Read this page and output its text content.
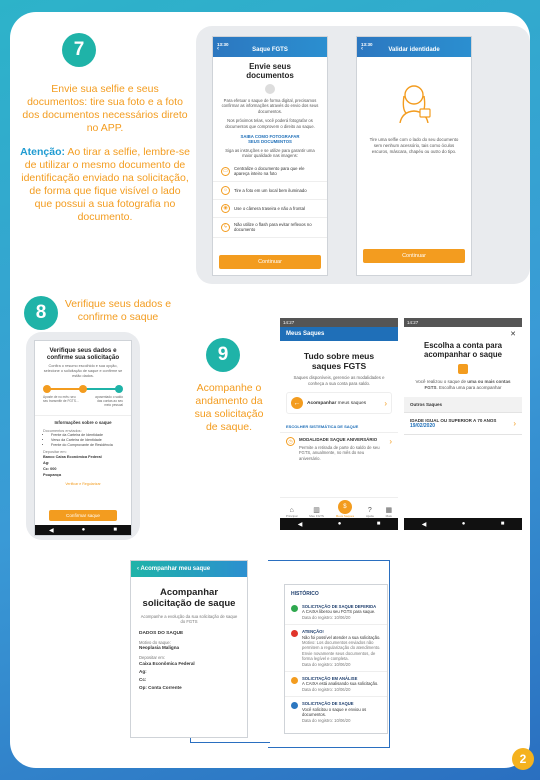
7

Envie sua selfie e seus documentos: tire sua foto e a foto dos documentos necessários direto no APP.

Atenção: Ao tirar a selfie, lembre-se de utilizar o mesmo documento de identificação enviado na solicitação, de forma que fique visível o lado que possui a sua fotografia no documento.

13:30
‹	Saque FGTS
Envie seus documentos
Para efetuar o saque de forma digital, precisamos confirmar as informações através do envio dos seus documentos.
Nos próximos telas, você poderá fotografar os documentos que comprovem o direito ao saque.
SAIBA COMO FOTOGRAFAR SEUS DOCUMENTOS
Siga as instruções e se utilize para garantir uma maior qualidade nas imagens:
▭	Centralize o documento para que ele apareça inteiro na foto
☼	Tire a foto em um local bem iluminado
◉	Use o câmera traseira e não a frontal
ϟ	Não utilize o flash para evitar reflexos no documento
Continuar
13:30
‹	Validar identidade
Tire uma selfie com o lado do seu documento sem nenhum acessório, tais como óculos escuros, máscara, chapéu ou outro do tipo.
Continuar
8	Verifique seus dados e confirme o saque
Verifique seus dados e confirme sua solicitação
Confira o resumo escolhido e sua opção, selecione o solicitação de saque e confirme se estão dados.
Aposte de no mês: seu seu transmitir de FGTS...
aposentado o saldo das contas ao seu meio pessoal
Informações sobre o saque
Documentos enviados:
• Frente da Carteira de Identidade
• Verso da Carteira de Identidade
• Frente do Comprovante de Residência
Depositar em:
Banco Caixa Econômica Federal
Ag:
Cc: 000
Poupança
Verificar e Regularizar
Confirmar saque
◀	●	■
9
Acompanhe o andamento da sua solicitação de saque.
14:27
Meus Saques
Tudo sobre meus saques FGTS
Saques disponíveis, gerencie as modalidades e conheça a sua conta para saldo.
←	Acompanhar meus saques	›
ESCOLHER SISTEMÁTICA DE SAQUE
◷	MODALIDADE SAQUE ANIVERSÁRIO
Permite a retirada de parte do saldo de seu FGTS, anualmente, no mês do seu aniversário.
›
⌂
Principal
▥
Meu FGTS
$
Meus Saques
?
Ajuda
▦
Mais
◀	●	■
14:27
✕
Escolha a conta para acompanhar o saque
Você realizou o saque de uma ou mais contas FGTS. Escolha uma para acompanhar
Outros Saques
IDADE IGUAL OU SUPERIOR A 70 ANOS
19/02/2020	›
◀	●	■
‹ Acompanhar meu saque
Acompanhar solicitação de saque
Acompanhe a evolução da sua solicitação de saque do FGTS
DADOS DO SAQUE
Motivo do saque:
Neoplasia Maligna
Depositar em:
Caixa Econômica Federal
Ag:
Cc:
Op: Conta Corrente
HISTÓRICO
SOLICITAÇÃO DE SAQUE DEFERIDA
A CAIXA liberou seu FGTS para saque.
Data do registro: 10/06/20
ATENÇÃO!
Não foi possível atender a sua solicitação.
Motivo: Los documentos enviados não permitem a regularização do atendimento. Envie novamente seus documentos, de forma legível e completa.
Data do registro: 10/06/20
SOLICITAÇÃO EM ANÁLISE
A CAIXA está analisando sua solicitação.
Data do registro: 10/06/20
SOLICITAÇÃO DE SAQUE
Você solicitou o saque e enviou os documentos.
Data do registro: 10/06/20
2
